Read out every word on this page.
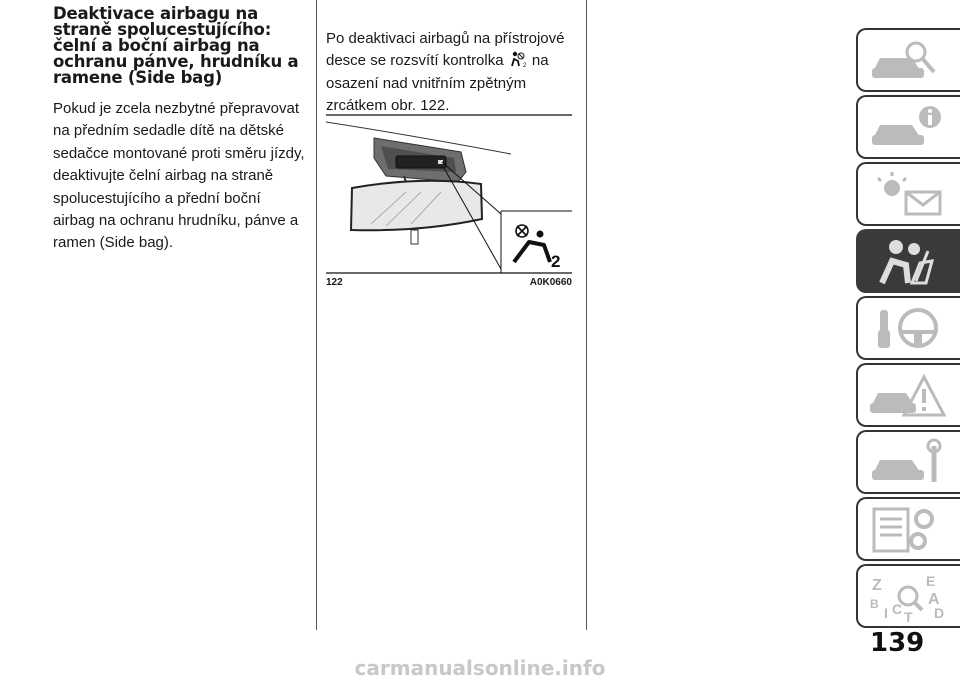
Deaktivace airbagu na straně spolucestujícího: čelní a boční airbag na ochranu pánve, hrudníku a ramene (Side bag)

Pokud je zcela nezbytné přepravovat na předním sedadle dítě na dětské sedačce montované proti směru jízdy, deaktivujte čelní airbag na straně spolucestujícího a přední boční airbag na ochranu hrudníku, pánve a ramen (Side bag).

Po deaktivaci airbagů na přístrojové desce se rozsvítí kontrolka	2 na osazení nad vnitřním zpětným zrcátkem obr. 122.

2
122	A0K0660
Z	E
A
B
I C T D
139
carmanualsonline.info
